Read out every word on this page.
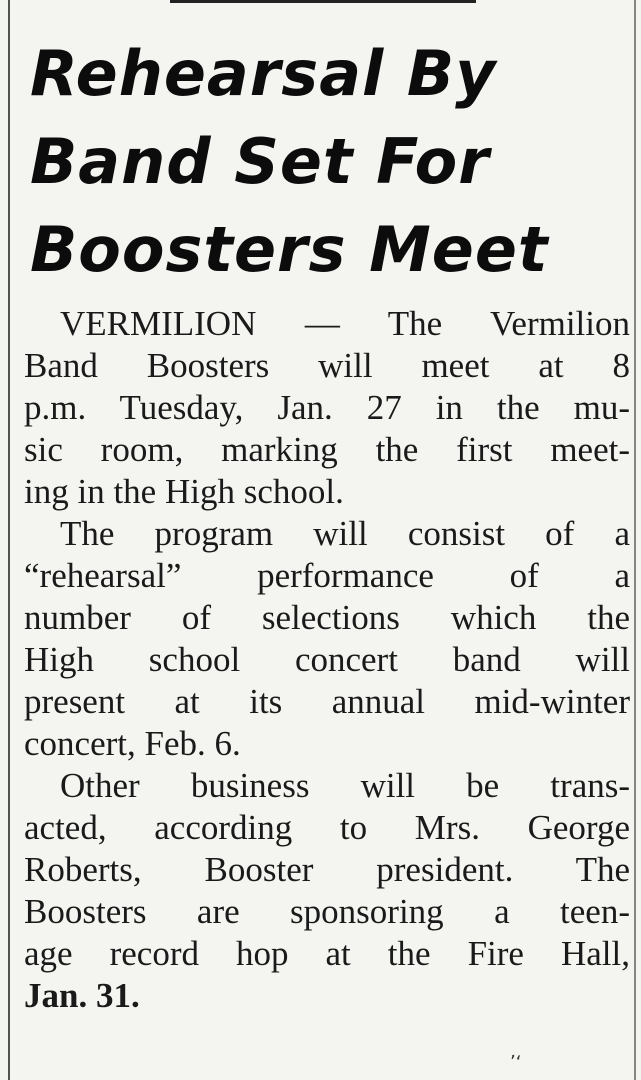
Rehearsal By
Band Set For
Boosters Meet

VERMILION — The Vermilion
Band Boosters will meet at 8
p.m. Tuesday, Jan. 27 in the mu-
sic room, marking the first meet-
ing in the High school.

The program will consist of a
“rehearsal” performance of a
number of selections which the
High school concert band will
present at its annual mid-winter
concert, Feb. 6.

Other business will be trans-
acted, according to Mrs. George
Roberts, Booster president. The
Boosters are sponsoring a teen-
age record hop at the Fire Hall,
Jan. 31.

ʼʻ
